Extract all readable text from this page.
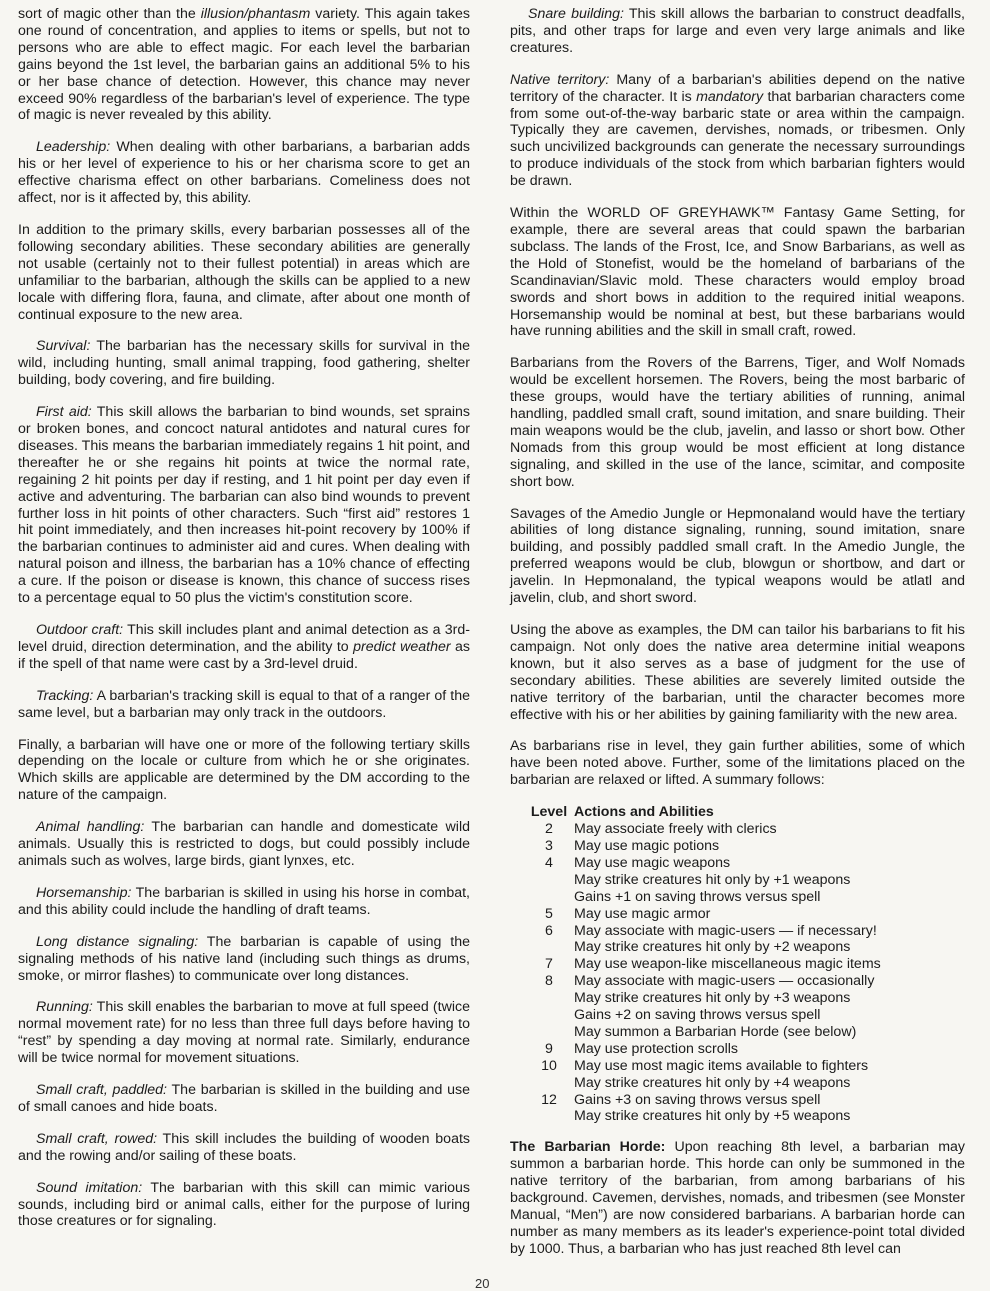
sort of magic other than the illusion/phantasm variety. This again takes one round of concentration, and applies to items or spells, but not to persons who are able to effect magic. For each level the barbarian gains beyond the 1st level, the barbarian gains an additional 5% to his or her base chance of detection. However, this chance may never exceed 90% regardless of the barbarian's level of experience. The type of magic is never revealed by this ability.

Leadership: When dealing with other barbarians, a barbarian adds his or her level of experience to his or her charisma score to get an effective charisma effect on other barbarians. Comeliness does not affect, nor is it affected by, this ability.

In addition to the primary skills, every barbarian possesses all of the following secondary abilities. These secondary abilities are generally not usable (certainly not to their fullest potential) in areas which are unfamiliar to the barbarian, although the skills can be applied to a new locale with differing flora, fauna, and climate, after about one month of continual exposure to the new area.

Survival: The barbarian has the necessary skills for survival in the wild, including hunting, small animal trapping, food gathering, shelter building, body covering, and fire building.

First aid: This skill allows the barbarian to bind wounds, set sprains or broken bones, and concoct natural antidotes and natural cures for diseases. This means the barbarian immediately regains 1 hit point, and thereafter he or she regains hit points at twice the normal rate, regaining 2 hit points per day if resting, and 1 hit point per day even if active and adventuring. The barbarian can also bind wounds to prevent further loss in hit points of other characters. Such “first aid” restores 1 hit point immediately, and then increases hit-point recovery by 100% if the barbarian continues to administer aid and cures. When dealing with natural poison and illness, the barbarian has a 10% chance of effecting a cure. If the poison or disease is known, this chance of success rises to a percentage equal to 50 plus the victim's constitution score.

Outdoor craft: This skill includes plant and animal detection as a 3rd-level druid, direction determination, and the ability to predict weather as if the spell of that name were cast by a 3rd-level druid.

Tracking: A barbarian's tracking skill is equal to that of a ranger of the same level, but a barbarian may only track in the outdoors.

Finally, a barbarian will have one or more of the following tertiary skills depending on the locale or culture from which he or she originates. Which skills are applicable are determined by the DM according to the nature of the campaign.

Animal handling: The barbarian can handle and domesticate wild animals. Usually this is restricted to dogs, but could possibly include animals such as wolves, large birds, giant lynxes, etc.

Horsemanship: The barbarian is skilled in using his horse in combat, and this ability could include the handling of draft teams.

Long distance signaling: The barbarian is capable of using the signaling methods of his native land (including such things as drums, smoke, or mirror flashes) to communicate over long distances.

Running: This skill enables the barbarian to move at full speed (twice normal movement rate) for no less than three full days before having to “rest” by spending a day moving at normal rate. Similarly, endurance will be twice normal for movement situations.

Small craft, paddled: The barbarian is skilled in the building and use of small canoes and hide boats.

Small craft, rowed: This skill includes the building of wooden boats and the rowing and/or sailing of these boats.

Sound imitation: The barbarian with this skill can mimic various sounds, including bird or animal calls, either for the purpose of luring those creatures or for signaling.

Snare building: This skill allows the barbarian to construct deadfalls, pits, and other traps for large and even very large animals and like creatures.

Native territory: Many of a barbarian's abilities depend on the native territory of the character. It is mandatory that barbarian characters come from some out-of-the-way barbaric state or area within the campaign. Typically they are cavemen, dervishes, nomads, or tribesmen. Only such uncivilized backgrounds can generate the necessary surroundings to produce individuals of the stock from which barbarian fighters would be drawn.

Within the WORLD OF GREYHAWK™ Fantasy Game Setting, for example, there are several areas that could spawn the barbarian subclass. The lands of the Frost, Ice, and Snow Barbarians, as well as the Hold of Stonefist, would be the homeland of barbarians of the Scandinavian/Slavic mold. These characters would employ broad swords and short bows in addition to the required initial weapons. Horsemanship would be nominal at best, but these barbarians would have running abilities and the skill in small craft, rowed.

Barbarians from the Rovers of the Barrens, Tiger, and Wolf Nomads would be excellent horsemen. The Rovers, being the most barbaric of these groups, would have the tertiary abilities of running, animal handling, paddled small craft, sound imitation, and snare building. Their main weapons would be the club, javelin, and lasso or short bow. Other Nomads from this group would be most efficient at long distance signaling, and skilled in the use of the lance, scimitar, and composite short bow.

Savages of the Amedio Jungle or Hepmonaland would have the tertiary abilities of long distance signaling, running, sound imitation, snare building, and possibly paddled small craft. In the Amedio Jungle, the preferred weapons would be club, blowgun or shortbow, and dart or javelin. In Hepmonaland, the typical weapons would be atlatl and javelin, club, and short sword.

Using the above as examples, the DM can tailor his barbarians to fit his campaign. Not only does the native area determine initial weapons known, but it also serves as a base of judgment for the use of secondary abilities. These abilities are severely limited outside the native territory of the barbarian, until the character becomes more effective with his or her abilities by gaining familiarity with the new area.

As barbarians rise in level, they gain further abilities, some of which have been noted above. Further, some of the limitations placed on the barbarian are relaxed or lifted. A summary follows:

Level	Actions and Abilities
2	May associate freely with clerics
3	May use magic potions
4	May use magic weapons
	May strike creatures hit only by +1 weapons
	Gains +1 on saving throws versus spell
5	May use magic armor
6	May associate with magic-users — if necessary!
	May strike creatures hit only by +2 weapons
7	May use weapon-like miscellaneous magic items
8	May associate with magic-users — occasionally
	May strike creatures hit only by +3 weapons
	Gains +2 on saving throws versus spell
	May summon a Barbarian Horde (see below)
9	May use protection scrolls
10	May use most magic items available to fighters
	May strike creatures hit only by +4 weapons
12	Gains +3 on saving throws versus spell
	May strike creatures hit only by +5 weapons

The Barbarian Horde: Upon reaching 8th level, a barbarian may summon a barbarian horde. This horde can only be summoned in the native territory of the barbarian, from among barbarians of his background. Cavemen, dervishes, nomads, and tribesmen (see Monster Manual, “Men”) are now considered barbarians. A barbarian horde can number as many members as its leader's experience-point total divided by 1000. Thus, a barbarian who has just reached 8th level can

20
